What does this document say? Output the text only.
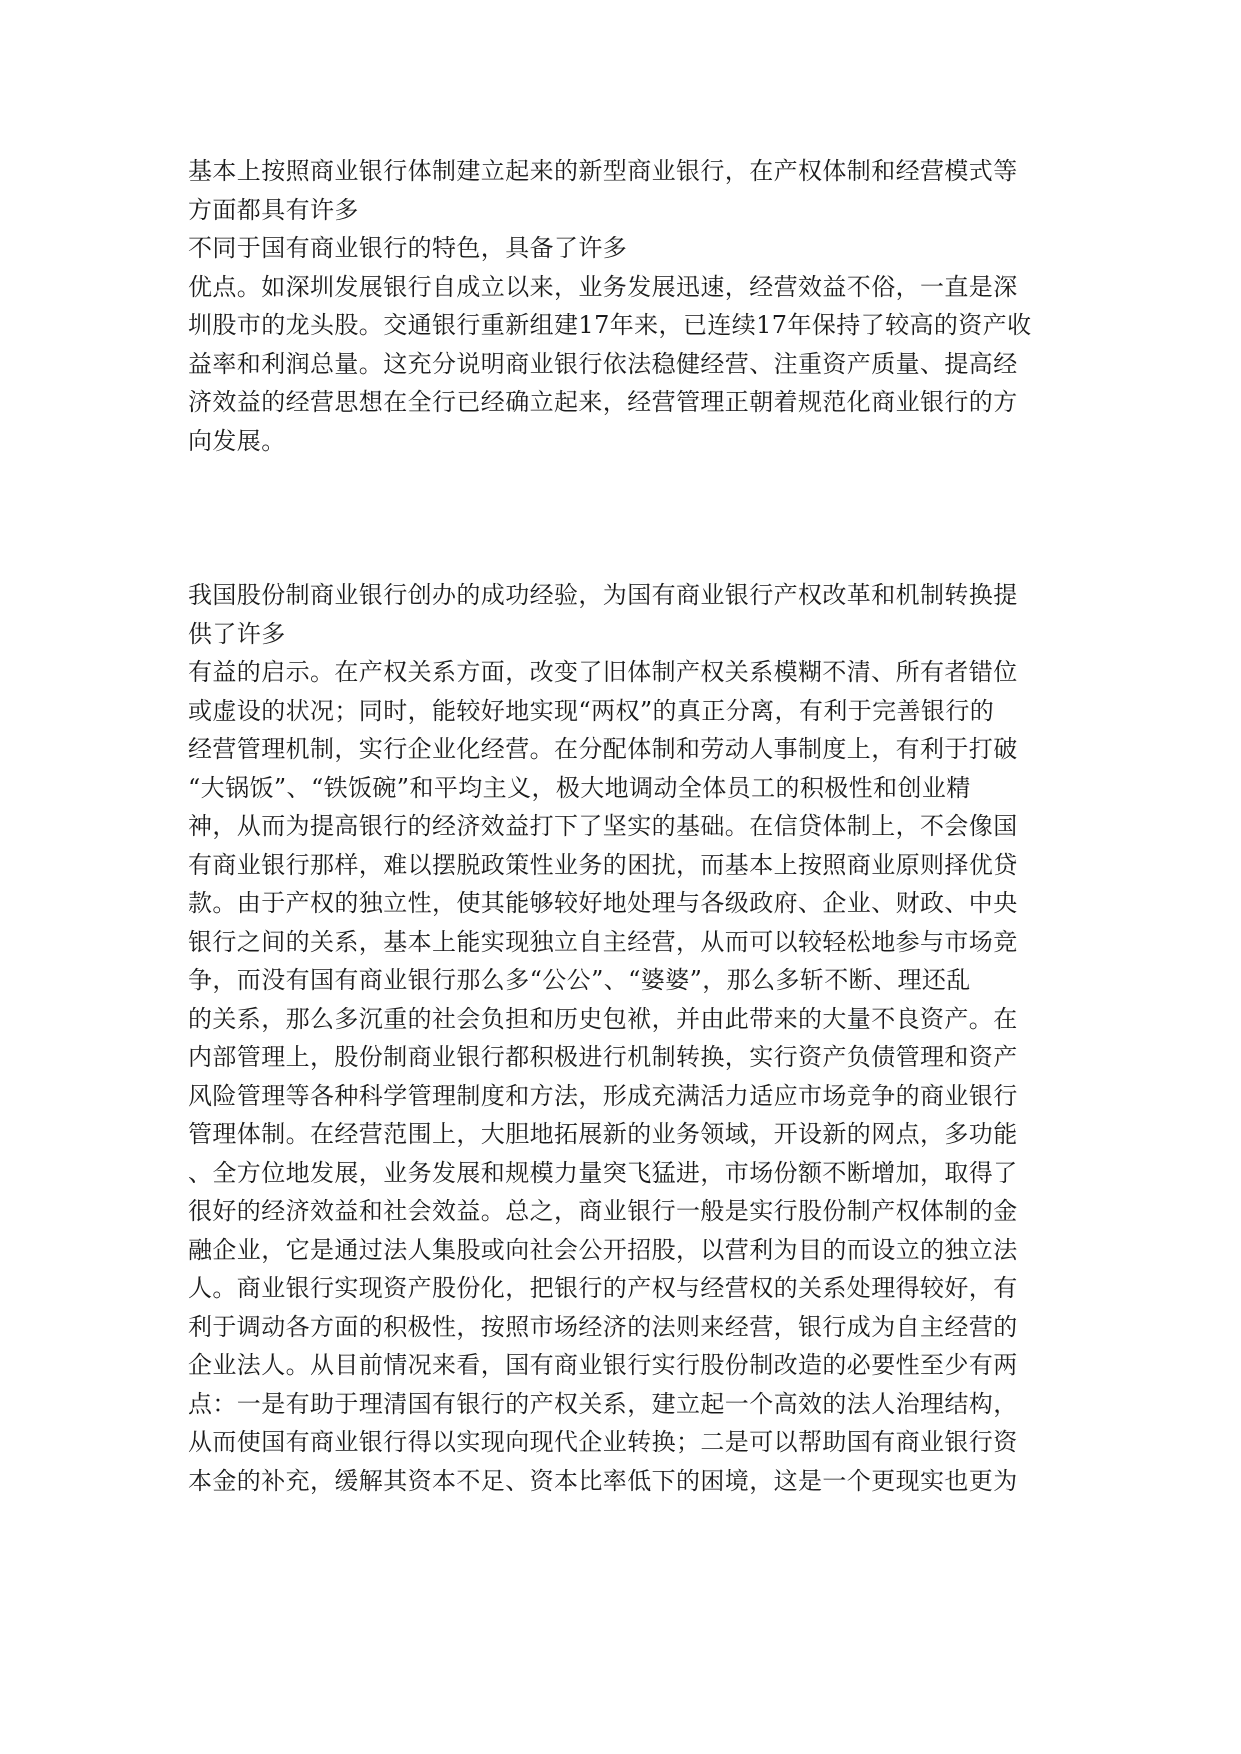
基本上按照商业银行体制建立起来的新型商业银行，在产权体制和经营模式等
方面都具有许多
不同于国有商业银行的特色，具备了许多
优点。如深圳发展银行自成立以来，业务发展迅速，经营效益不俗，一直是深
圳股市的龙头股。交通银行重新组建17年来，已连续17年保持了较高的资产收
益率和利润总量。这充分说明商业银行依法稳健经营、注重资产质量、提高经
济效益的经营思想在全行已经确立起来，经营管理正朝着规范化商业银行的方
向发展。
我国股份制商业银行创办的成功经验，为国有商业银行产权改革和机制转换提
供了许多
有益的启示。在产权关系方面，改变了旧体制产权关系模糊不清、所有者错位
或虚设的状况；同时，能较好地实现“两权”的真正分离，有利于完善银行的
经营管理机制，实行企业化经营。在分配体制和劳动人事制度上，有利于打破
“大锅饭”、“铁饭碗”和平均主义，极大地调动全体员工的积极性和创业精
神，从而为提高银行的经济效益打下了坚实的基础。在信贷体制上，不会像国
有商业银行那样，难以摆脱政策性业务的困扰，而基本上按照商业原则择优贷
款。由于产权的独立性，使其能够较好地处理与各级政府、企业、财政、中央
银行之间的关系，基本上能实现独立自主经营，从而可以较轻松地参与市场竞
争，而没有国有商业银行那么多“公公”、“婆婆”，那么多斩不断、理还乱
的关系，那么多沉重的社会负担和历史包袱，并由此带来的大量不良资产。在
内部管理上，股份制商业银行都积极进行机制转换，实行资产负债管理和资产
风险管理等各种科学管理制度和方法，形成充满活力适应市场竞争的商业银行
管理体制。在经营范围上，大胆地拓展新的业务领域，开设新的网点，多功能
、全方位地发展，业务发展和规模力量突飞猛进，市场份额不断增加，取得了
很好的经济效益和社会效益。总之，商业银行一般是实行股份制产权体制的金
融企业，它是通过法人集股或向社会公开招股，以营利为目的而设立的独立法
人。商业银行实现资产股份化，把银行的产权与经营权的关系处理得较好，有
利于调动各方面的积极性，按照市场经济的法则来经营，银行成为自主经营的
企业法人。从目前情况来看，国有商业银行实行股份制改造的必要性至少有两
点：一是有助于理清国有银行的产权关系，建立起一个高效的法人治理结构，
从而使国有商业银行得以实现向现代企业转换；二是可以帮助国有商业银行资
本金的补充，缓解其资本不足、资本比率低下的困境，这是一个更现实也更为
